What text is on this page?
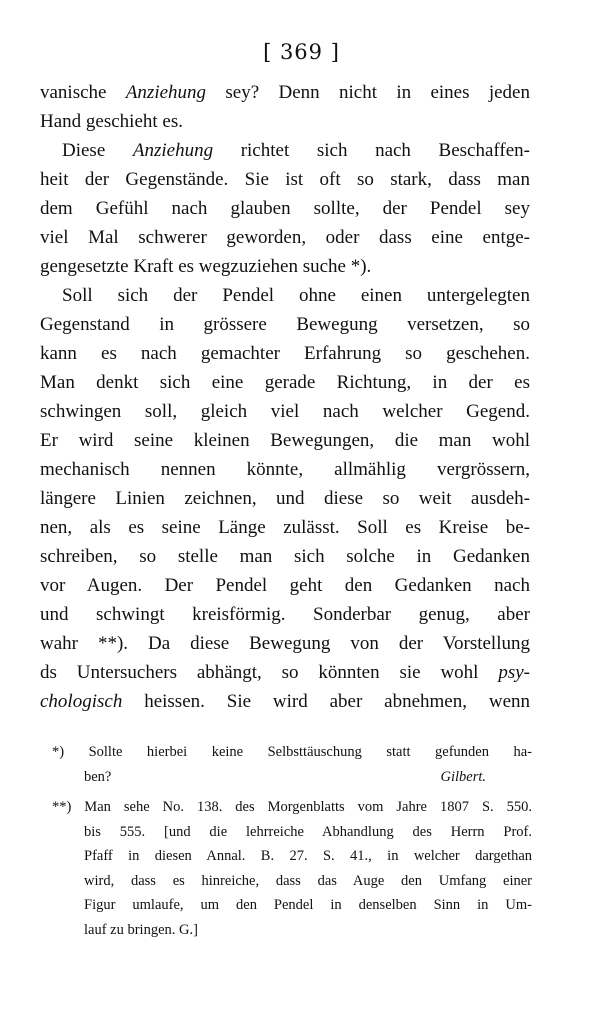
[ 369 ]
vanische Anziehung sey? Denn nicht in eines jeden
Hand geschieht es.
Diese Anziehung richtet sich nach Beschaffen-
heit der Gegenstände. Sie ist oft so stark, dass man
dem Gefühl nach glauben sollte, der Pendel sey
viel Mal schwerer geworden, oder dass eine entge-
gengesetzte Kraft es wegzuziehen suche *).
Soll sich der Pendel ohne einen untergelegten
Gegenstand in grössere Bewegung versetzen, so
kann es nach gemachter Erfahrung so geschehen.
Man denkt sich eine gerade Richtung, in der es
schwingen soll, gleich viel nach welcher Gegend.
Er wird seine kleinen Bewegungen, die man wohl
mechanisch nennen könnte, allmählig vergrössern,
längere Linien zeichnen, und diese so weit ausdeh-
nen, als es seine Länge zulässt. Soll es Kreise be-
schreiben, so stelle man sich solche in Gedanken
vor Augen. Der Pendel geht den Gedanken nach
und schwingt kreisförmig. Sonderbar genug, aber
wahr **). Da diese Bewegung von der Vorstellung
ds Untersuchers abhängt, so könnten sie wohl psy-
chologisch heissen. Sie wird aber abnehmen, wenn
*) Sollte hierbei keine Selbsttäuschung statt gefunden ha-
ben?	Gilbert.
**) Man sehe No. 138. des Morgenblatts vom Jahre 1807 S. 550.
bis 555. [und die lehrreiche Abhandlung des Herrn Prof.
Pfaff in diesen Annal. B. 27. S. 41., in welcher dargethan
wird, dass es hinreiche, dass das Auge den Umfang einer
Figur umlaufe, um den Pendel in denselben Sinn in Um-
lauf zu bringen. G.]
